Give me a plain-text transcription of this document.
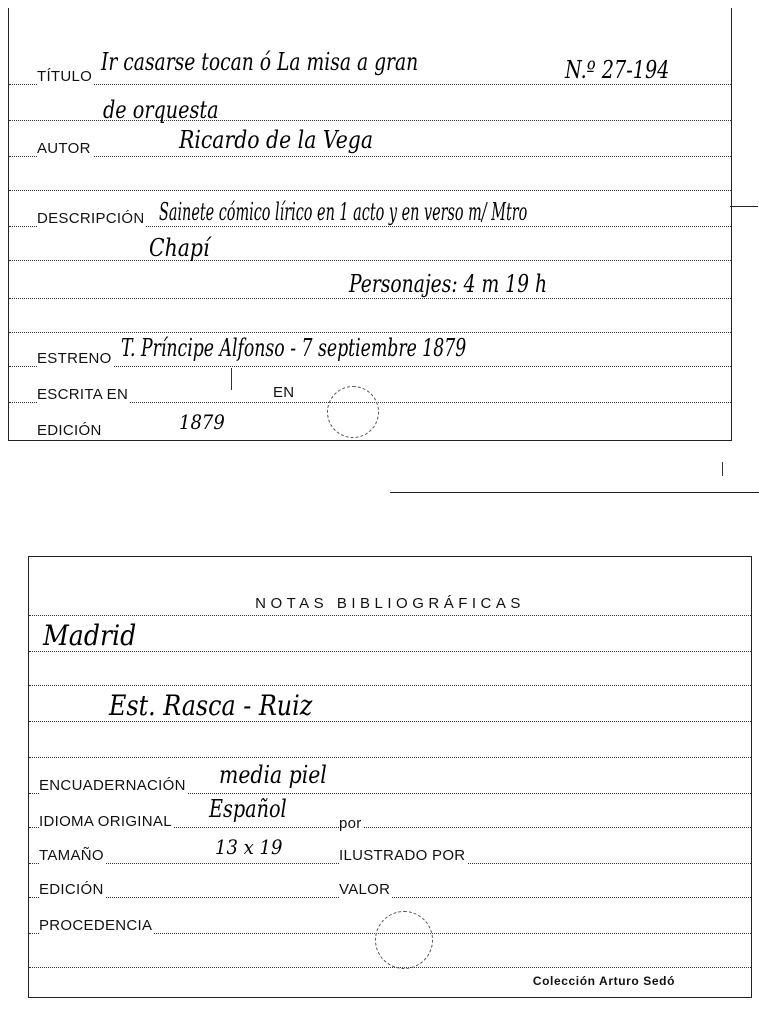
TÍTULO
Ir casarse tocan ó La misa a gran	N.º 27-194
de orquesta
AUTOR	Ricardo de la Vega
DESCRIPCIÓN Sainete cómico lírico en 1 acto y en verso m/ Mtro
Chapí
Personajes: 4 m 19 h
ESTRENO T. Príncipe Alfonso - 7 septiembre 1879
ESCRITA EN	EN
EDICIÓN	1879
NOTAS BIBLIOGRÁFICAS
Madrid
Est. Rasca - Ruiz
ENCUADERNACIÓN media piel
IDIOMA ORIGINAL Español
por
TAMAÑO	13 x 19	ILUSTRADO POR
EDICIÓN	VALOR
PROCEDENCIA
Colección Arturo Sedó
